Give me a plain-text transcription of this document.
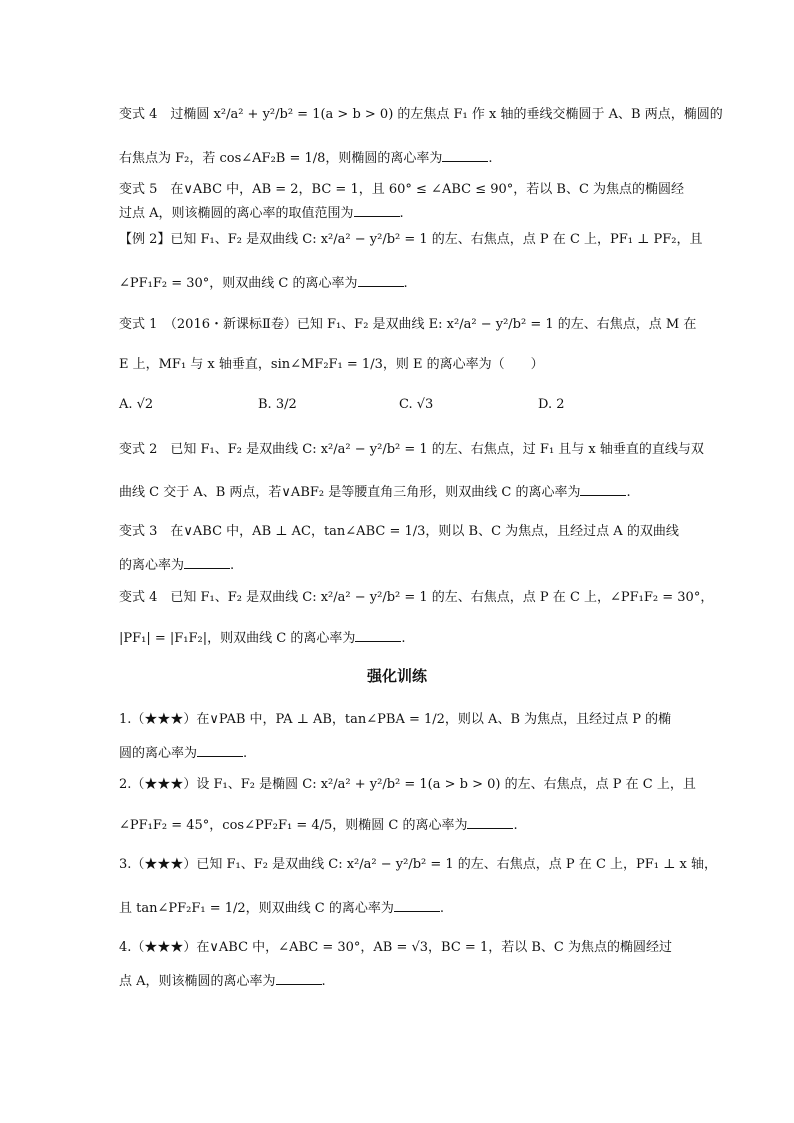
变式 4　过椭圆 x²/a² + y²/b² = 1(a > b > 0) 的左焦点 F₁ 作 x 轴的垂线交椭圆于 A、B 两点，椭圆的
右焦点为 F₂，若 cos∠AF₂B = 1/8，则椭圆的离心率为	.
变式 5　在∨ABC 中，AB = 2，BC = 1，且 60° ≤ ∠ABC ≤ 90°，若以 B、C 为焦点的椭圆经
过点 A，则该椭圆的离心率的取值范围为	.
【例 2】已知 F₁、F₂ 是双曲线 C: x²/a² − y²/b² = 1 的左、右焦点，点 P 在 C 上，PF₁ ⊥ PF₂，且
∠PF₁F₂ = 30°，则双曲线 C 的离心率为	.
变式 1　（2016・新课标Ⅱ卷）已知 F₁、F₂ 是双曲线 E: x²/a² − y²/b² = 1 的左、右焦点，点 M 在
E 上，MF₁ 与 x 轴垂直，sin∠MF₂F₁ = 1/3，则 E 的离心率为（　　）
A. √2	B. 3/2	C. √3	D. 2
变式 2　已知 F₁、F₂ 是双曲线 C: x²/a² − y²/b² = 1 的左、右焦点，过 F₁ 且与 x 轴垂直的直线与双
曲线 C 交于 A、B 两点，若∨ABF₂ 是等腰直角三角形，则双曲线 C 的离心率为	.
变式 3　在∨ABC 中，AB ⊥ AC，tan∠ABC = 1/3，则以 B、C 为焦点，且经过点 A 的双曲线
的离心率为	.
变式 4　已知 F₁、F₂ 是双曲线 C: x²/a² − y²/b² = 1 的左、右焦点，点 P 在 C 上，∠PF₁F₂ = 30°，
|PF₁| = |F₁F₂|，则双曲线 C 的离心率为	.
强化训练
1.（★★★）在∨PAB 中，PA ⊥ AB，tan∠PBA = 1/2，则以 A、B 为焦点，且经过点 P 的椭
圆的离心率为	.
2.（★★★）设 F₁、F₂ 是椭圆 C: x²/a² + y²/b² = 1(a > b > 0) 的左、右焦点，点 P 在 C 上，且
∠PF₁F₂ = 45°，cos∠PF₂F₁ = 4/5，则椭圆 C 的离心率为	.
3.（★★★）已知 F₁、F₂ 是双曲线 C: x²/a² − y²/b² = 1 的左、右焦点，点 P 在 C 上，PF₁ ⊥ x 轴，
且 tan∠PF₂F₁ = 1/2，则双曲线 C 的离心率为	.
4.（★★★）在∨ABC 中，∠ABC = 30°，AB = √3，BC = 1，若以 B、C 为焦点的椭圆经过
点 A，则该椭圆的离心率为	.
